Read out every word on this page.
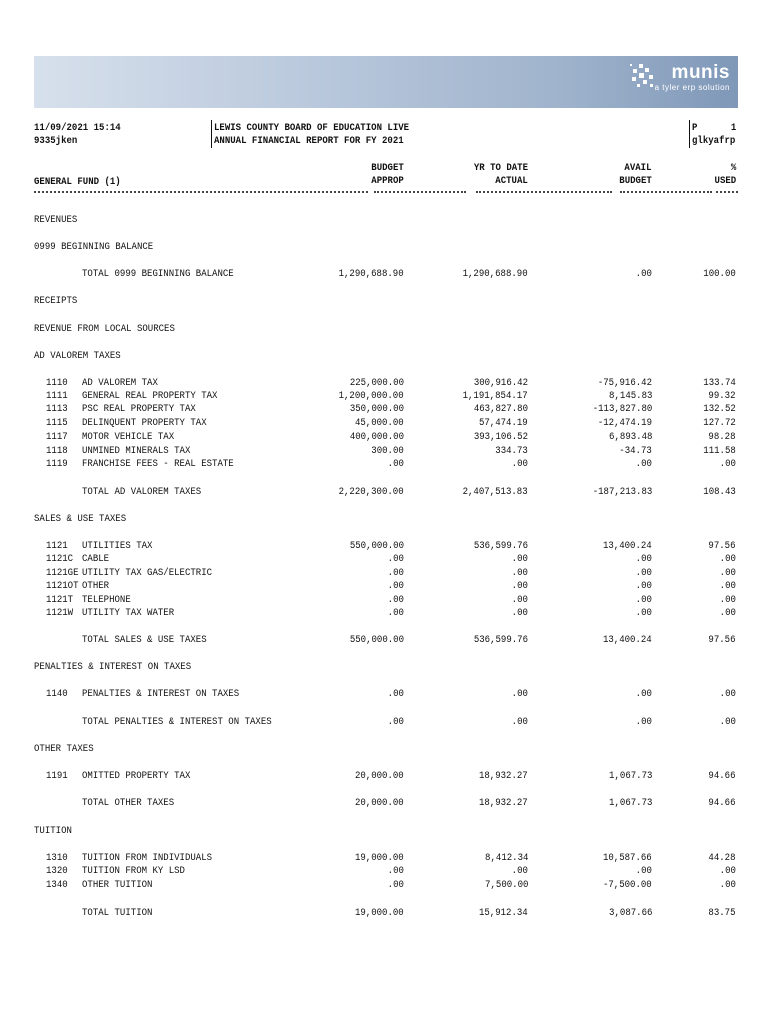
munis
a tyler erp solution
11/09/2021 15:14
9335jken
LEWIS COUNTY BOARD OF EDUCATION LIVE
ANNUAL FINANCIAL REPORT FOR FY 2021
P	1
glkyafrp
GENERAL FUND (1)
BUDGET
APPROP
YR TO DATE
ACTUAL
AVAIL
BUDGET
%
USED
REVENUES
0999 BEGINNING BALANCE
TOTAL 0999 BEGINNING BALANCE	1,290,688.90	1,290,688.90	.00	100.00
RECEIPTS
REVENUE FROM LOCAL SOURCES
AD VALOREM TAXES
1110 AD VALOREM TAX	225,000.00	300,916.42	-75,916.42	133.74
1111 GENERAL REAL PROPERTY TAX	1,200,000.00	1,191,854.17	8,145.83	99.32
1113 PSC REAL PROPERTY TAX	350,000.00	463,827.80	-113,827.80	132.52
1115 DELINQUENT PROPERTY TAX	45,000.00	57,474.19	-12,474.19	127.72
1117 MOTOR VEHICLE TAX	400,000.00	393,106.52	6,893.48	98.28
1118 UNMINED MINERALS TAX	300.00	334.73	-34.73	111.58
1119 FRANCHISE FEES - REAL ESTATE	.00	.00	.00	.00
TOTAL AD VALOREM TAXES	2,220,300.00	2,407,513.83	-187,213.83	108.43
SALES & USE TAXES
1121 UTILITIES TAX	550,000.00	536,599.76	13,400.24	97.56
1121C CABLE	.00	.00	.00	.00
1121GE UTILITY TAX GAS/ELECTRIC	.00	.00	.00	.00
1121OT OTHER	.00	.00	.00	.00
1121T TELEPHONE	.00	.00	.00	.00
1121W UTILITY TAX WATER	.00	.00	.00	.00
TOTAL SALES & USE TAXES	550,000.00	536,599.76	13,400.24	97.56
PENALTIES & INTEREST ON TAXES
1140 PENALTIES & INTEREST ON TAXES	.00	.00	.00	.00
TOTAL PENALTIES & INTEREST ON TAXES	.00	.00	.00	.00
OTHER TAXES
1191 OMITTED PROPERTY TAX	20,000.00	18,932.27	1,067.73	94.66
TOTAL OTHER TAXES	20,000.00	18,932.27	1,067.73	94.66
TUITION
1310 TUITION FROM INDIVIDUALS	19,000.00	8,412.34	10,587.66	44.28
1320 TUITION FROM KY LSD	.00	.00	.00	.00
1340 OTHER TUITION	.00	7,500.00	-7,500.00	.00
TOTAL TUITION	19,000.00	15,912.34	3,087.66	83.75
